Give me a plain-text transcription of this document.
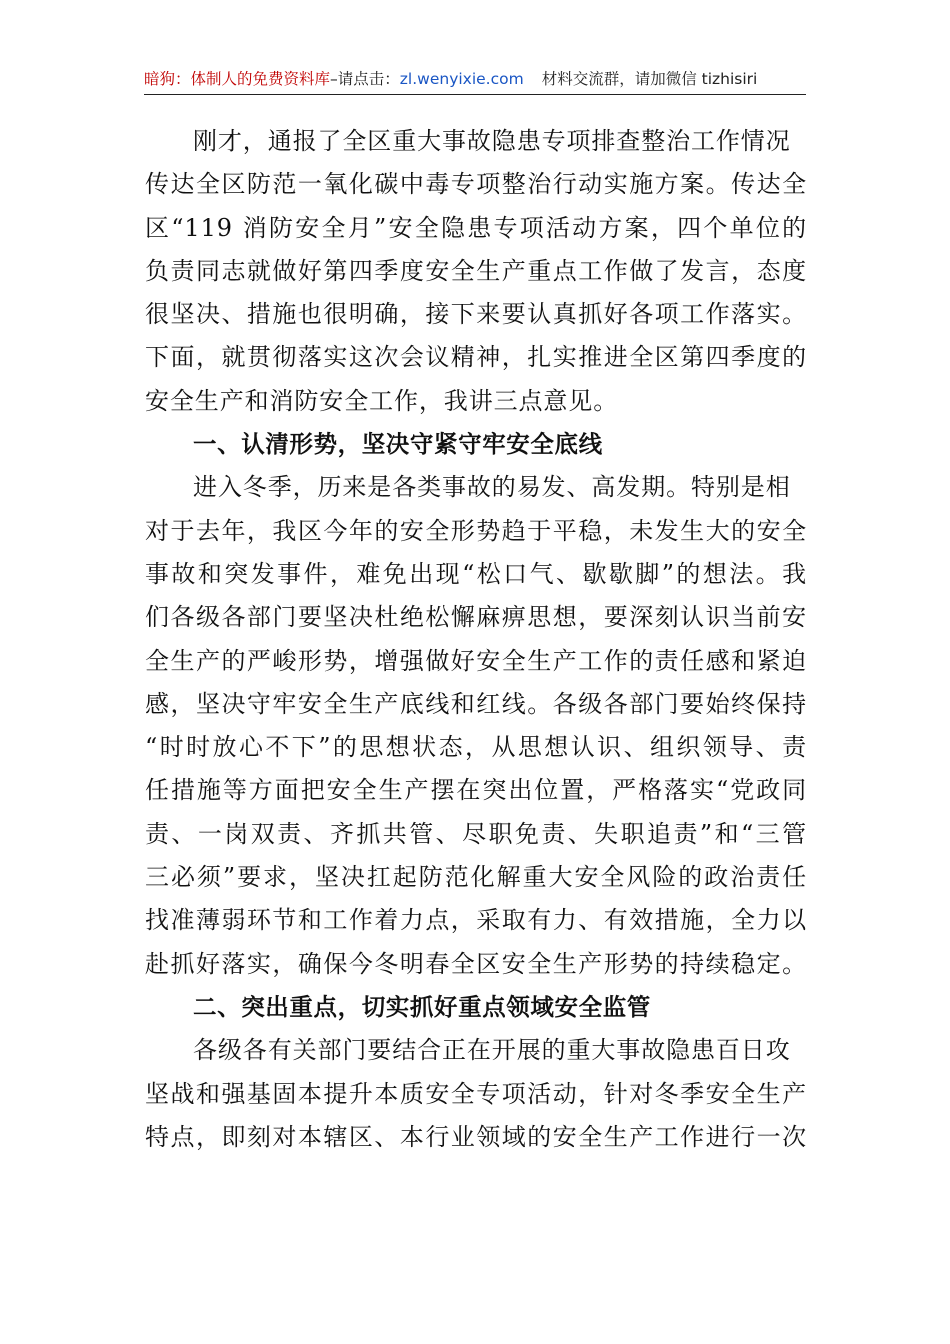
暗狗：体制人的免费资料库–请点击：zl.wenyixie.com 材料交流群，请加微信 tizhisiri
刚才，通报了全区重大事故隐患专项排查整治工作情况
传达全区防范一氧化碳中毒专项整治行动实施方案。传达全
区“119 消防安全月”安全隐患专项活动方案，四个单位的
负责同志就做好第四季度安全生产重点工作做了发言，态度
很坚决、措施也很明确，接下来要认真抓好各项工作落实。
下面，就贯彻落实这次会议精神，扎实推进全区第四季度的
安全生产和消防安全工作，我讲三点意见。
一、认清形势，坚决守紧守牢安全底线
进入冬季，历来是各类事故的易发、高发期。特别是相
对于去年，我区今年的安全形势趋于平稳，未发生大的安全
事故和突发事件，难免出现“松口气、歇歇脚”的想法。我
们各级各部门要坚决杜绝松懈麻痹思想，要深刻认识当前安
全生产的严峻形势，增强做好安全生产工作的责任感和紧迫
感，坚决守牢安全生产底线和红线。各级各部门要始终保持
“时时放心不下”的思想状态，从思想认识、组织领导、责
任措施等方面把安全生产摆在突出位置，严格落实“党政同
责、一岗双责、齐抓共管、尽职免责、失职追责”和“三管
三必须”要求，坚决扛起防范化解重大安全风险的政治责任
找准薄弱环节和工作着力点，采取有力、有效措施，全力以
赴抓好落实，确保今冬明春全区安全生产形势的持续稳定。
二、突出重点，切实抓好重点领域安全监管
各级各有关部门要结合正在开展的重大事故隐患百日攻
坚战和强基固本提升本质安全专项活动，针对冬季安全生产
特点，即刻对本辖区、本行业领域的安全生产工作进行一次
